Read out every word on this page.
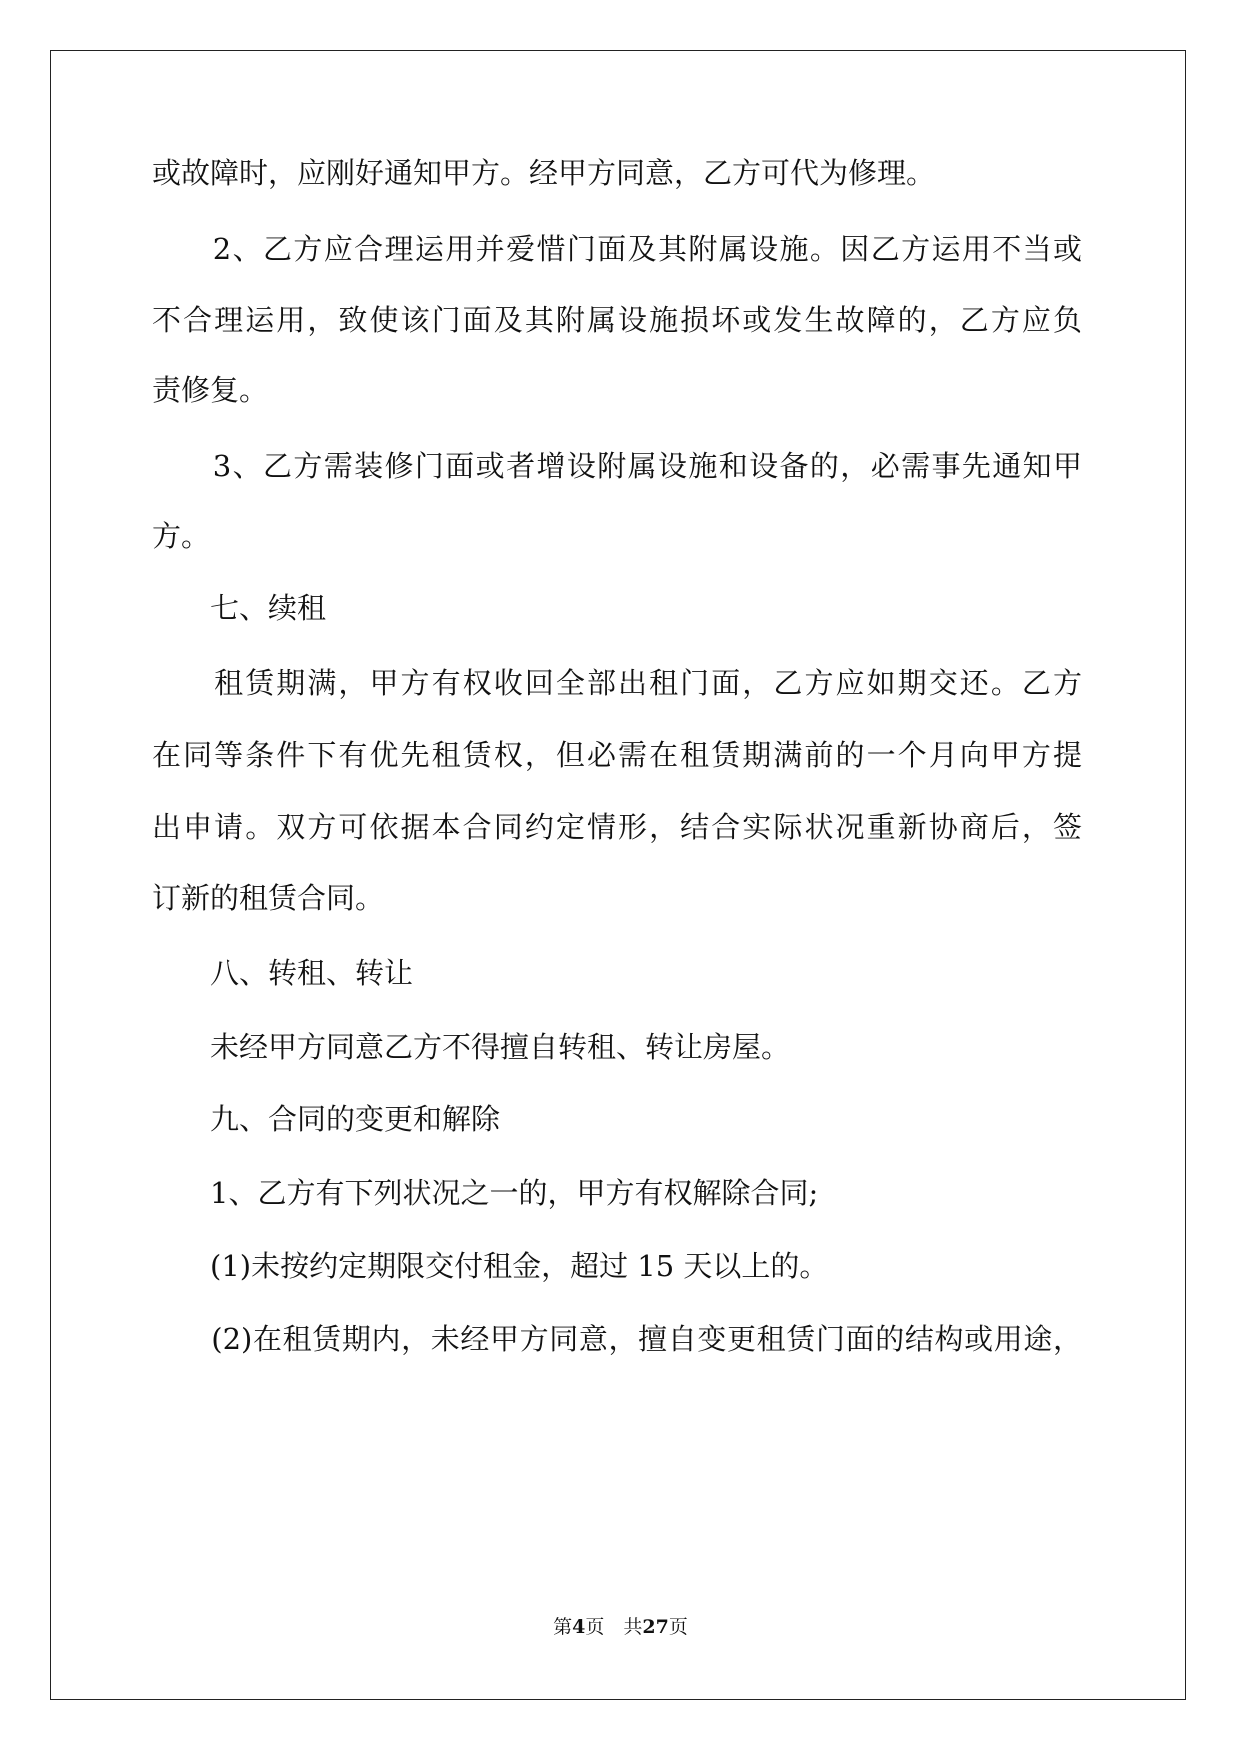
或故障时，应刚好通知甲方。经甲方同意，乙方可代为修理。

　　2、乙方应合理运用并爱惜门面及其附属设施。因乙方运用不当或

不合理运用，致使该门面及其附属设施损坏或发生故障的，乙方应负

责修复。

　　3、乙方需装修门面或者增设附属设施和设备的，必需事先通知甲

方。

　　七、续租

　　租赁期满，甲方有权收回全部出租门面，乙方应如期交还。乙方

在同等条件下有优先租赁权，但必需在租赁期满前的一个月向甲方提

出申请。双方可依据本合同约定情形，结合实际状况重新协商后，签

订新的租赁合同。

　　八、转租、转让

　　未经甲方同意乙方不得擅自转租、转让房屋。

　　九、合同的变更和解除

　　1、乙方有下列状况之一的，甲方有权解除合同;

　　(1)未按约定期限交付租金，超过 15 天以上的。

　　(2)在租赁期内，未经甲方同意，擅自变更租赁门面的结构或用途，

第4页　共27页
